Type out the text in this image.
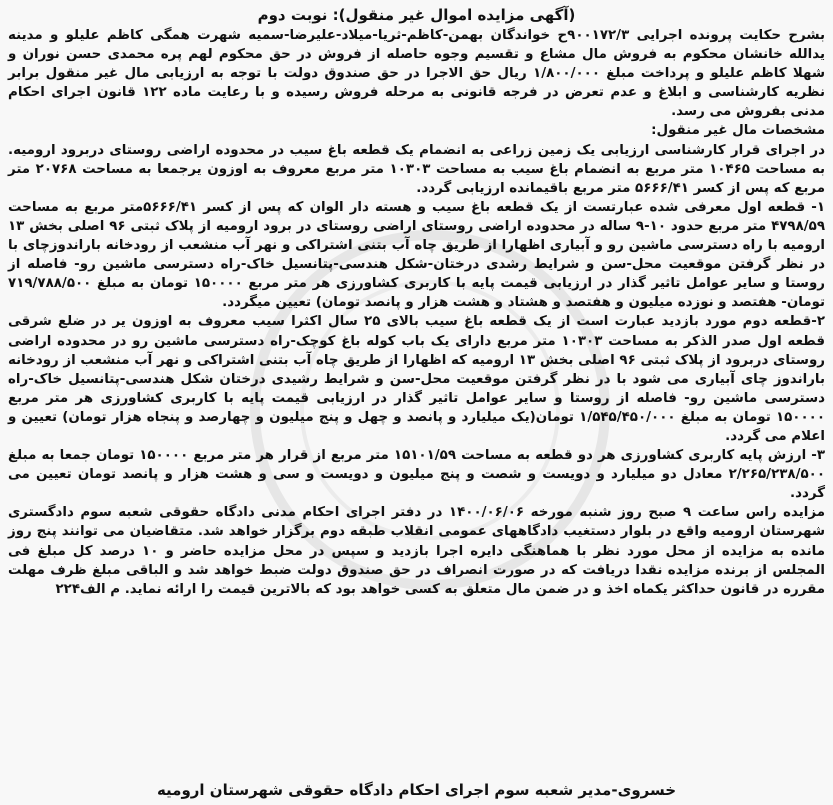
(آگهی مزایده اموال غیر منقول): نوبت دوم

بشرح حکایت پرونده اجرایی ۹۰۰۱۷۲/۳ح خواندگان بهمن-کاظم-ثریا-میلاد-علیرضا-سمیه شهرت همگی کاظم علیلو و مدینه یدالله خانشان محکوم به فروش مال مشاع و تقسیم وجوه حاصله از فروش در حق محکوم لهم پره محمدی حسن نوران و شهلا کاظم علیلو و پرداخت مبلغ ۱/۸۰۰/۰۰۰ ریال حق الاجرا در حق صندوق دولت با توجه به ارزیابی مال غیر منقول برابر نظریه کارشناسی و ابلاغ و عدم تعرض در فرجه قانونی به مرحله فروش رسیده و با رعایت ماده ۱۲۲ قانون اجرای احکام مدنی بفروش می رسد.

مشخصات مال غیر منقول:

در اجرای قرار کارشناسی ارزیابی یک زمین زراعی به انضمام یک قطعه باغ سیب در محدوده اراضی روستای دربرود ارومیه. به مساحت ۱۰۴۶۵ متر مربع به انضمام باغ سیب به مساحت ۱۰۳۰۳ متر مربع معروف به اوزون یرجمعا به مساحت ۲۰۷۶۸ متر مربع که پس از کسر ۵۶۶۶/۴۱ متر مربع باقیمانده ارزیابی گردد.

۱- قطعه اول معرفی شده عبارتست از یک قطعه باغ سیب و هسته دار الوان که پس از کسر ۵۶۶۶/۴۱متر مربع به مساحت ۴۷۹۸/۵۹ متر مربع حدود ۱۰-۹ ساله در محدوده اراضی روستای اراضی روستای در برود ارومیه از پلاک ثبتی ۹۶ اصلی بخش ۱۳ ارومیه با راه دسترسی ماشین رو و آبیاری اظهارا از طریق چاه آب بتنی اشتراکی و نهر آب منشعب از رودخانه باراندوزچای با در نظر گرفتن موقعیت محل-سن و شرایط رشدی درختان-شکل هندسی-پتانسیل خاک-راه دسترسی ماشین رو- فاصله از روستا و سایر عوامل تاثیر گذار در ارزیابی قیمت پایه با کاربری کشاورزی هر متر مربع ۱۵۰۰۰۰ تومان به مبلغ ۷۱۹/۷۸۸/۵۰۰ تومان- هفتصد و نوزده میلیون و هفتصد و هشتاد و هشت هزار و پانصد تومان) تعیین میگردد.

۲-قطعه دوم مورد بازدید عبارت است از یک قطعه باغ سیب بالای ۲۵ سال اکثرا سیب معروف به اوزون یر در ضلع شرقی قطعه اول صدر الذکر به مساحت ۱۰۳۰۳ متر مربع دارای یک باب کوله باغ کوچک-راه دسترسی ماشین رو در محدوده اراضی روستای دربرود از پلاک ثبتی ۹۶ اصلی بخش ۱۳ ارومیه که اظهارا از طریق چاه آب بتنی اشتراکی و نهر آب منشعب از رودخانه باراندوز چای آبیاری می شود با در نظر گرفتن موقعیت محل-سن و شرایط رشیدی درختان شکل هندسی-پتانسیل خاک-راه دسترسی ماشین رو- فاصله از روستا و سایر عوامل تاثیر گذار در ارزیابی قیمت پایه با کاربری کشاورزی هر متر مربع ۱۵۰۰۰۰ تومان به مبلغ ۱/۵۴۵/۴۵۰/۰۰۰ تومان(یک میلیارد و پانصد و چهل و پنج میلیون و چهارصد و پنجاه هزار تومان) تعیین و اعلام می گردد.

۳- ارزش پایه کاربری کشاورزی هر دو قطعه به مساحت ۱۵۱۰۱/۵۹ متر مربع از قرار هر متر مربع ۱۵۰۰۰۰ تومان جمعا به مبلغ ۲/۲۶۵/۲۳۸/۵۰۰ معادل دو میلیارد و دویست و شصت و پنج میلیون و دویست و سی و هشت هزار و پانصد تومان تعیین می گردد.

مزایده راس ساعت ۹ صبح روز شنبه مورخه ۱۴۰۰/۰۶/۰۶ در دفتر اجرای احکام مدنی دادگاه حقوقی شعبه سوم دادگستری شهرستان ارومیه واقع در بلوار دستغیب دادگاههای عمومی انقلاب طبقه دوم برگزار خواهد شد. متقاضیان می توانند پنج روز مانده به مزایده از محل مورد نظر با هماهنگی دایره اجرا بازدید و سپس در محل مزایده حاضر و ۱۰ درصد کل مبلغ فی المجلس از برنده مزایده نقدا دریافت که در صورت انصراف در حق صندوق دولت ضبط خواهد شد و الباقی مبلغ ظرف مهلت مقرره در قانون حداکثر یکماه اخذ و در ضمن مال متعلق به کسی خواهد بود که بالاترین قیمت را ارائه نماید. م الف۲۲۴

خسروی-مدیر شعبه سوم اجرای احکام دادگاه حقوقی شهرستان ارومیه
